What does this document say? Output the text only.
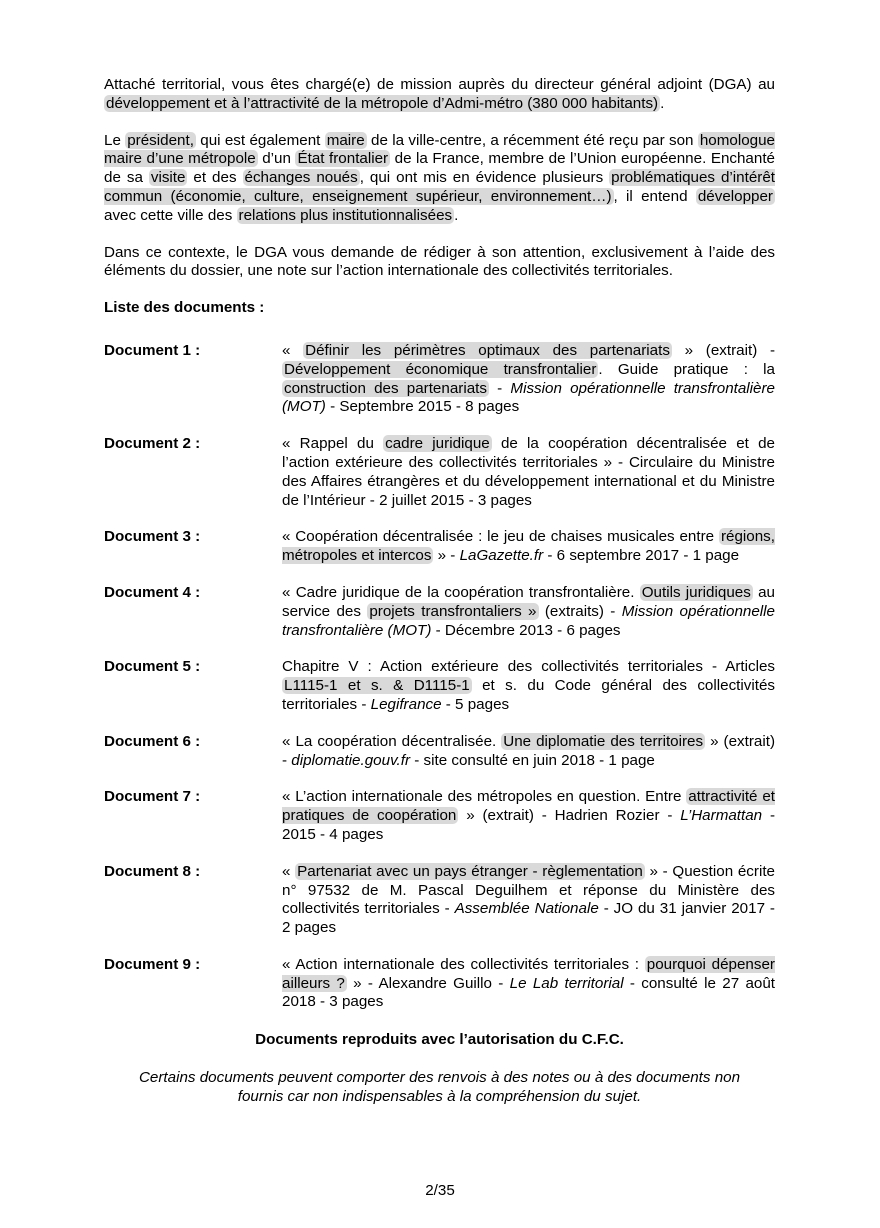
Attaché territorial, vous êtes chargé(e) de mission auprès du directeur général adjoint (DGA) au développement et à l’attractivité de la métropole d’Admi-métro (380 000 habitants) .

Le président, qui est également maire de la ville-centre, a récemment été reçu par son homologue maire d’une métropole d’un État frontalier de la France, membre de l’Union européenne. Enchanté de sa visite et des échanges noués , qui ont mis en évidence plusieurs problématiques d’intérêt commun (économie, culture, enseignement supérieur, environnement…) , il entend développer avec cette ville des relations plus institutionnalisées .

Dans ce contexte, le DGA vous demande de rédiger à son attention, exclusivement à l’aide des éléments du dossier, une note sur l’action internationale des collectivités territoriales.

Liste des documents :
Document 1 :	« Définir les périmètres optimaux des partenariats » (extrait) - Développement économique transfrontalier . Guide pratique : la construction des partenariats - Mission opérationnelle transfrontalière (MOT) - Septembre 2015 - 8 pages
Document 2 :	« Rappel du cadre juridique de la coopération décentralisée et de l’action extérieure des collectivités territoriales » - Circulaire du Ministre des Affaires étrangères et du développement international et du Ministre de l’Intérieur - 2 juillet 2015 - 3 pages
Document 3 :	« Coopération décentralisée : le jeu de chaises musicales entre régions, métropoles et intercos » - LaGazette.fr - 6 septembre 2017 - 1 page
Document 4 :	« Cadre juridique de la coopération transfrontalière. Outils juridiques au service des projets transfrontaliers » (extraits) - Mission opérationnelle transfrontalière (MOT) - Décembre 2013 - 6 pages
Document 5 :	Chapitre V : Action extérieure des collectivités territoriales - Articles L1115-1 et s. & D1115-1 et s. du Code général des collectivités territoriales - Legifrance - 5 pages
Document 6 :	« La coopération décentralisée. Une diplomatie des territoires » (extrait) - diplomatie.gouv.fr - site consulté en juin 2018 - 1 page
Document 7 :	« L’action internationale des métropoles en question. Entre attractivité et pratiques de coopération » (extrait) - Hadrien Rozier - L’Harmattan - 2015 - 4 pages
Document 8 :	« Partenariat avec un pays étranger - règlementation » - Question écrite n° 97532 de M. Pascal Deguilhem et réponse du Ministère des collectivités territoriales - Assemblée Nationale - JO du 31 janvier 2017 - 2 pages
Document 9 :	« Action internationale des collectivités territoriales : pourquoi dépenser ailleurs ? » - Alexandre Guillo - Le Lab territorial - consulté le 27 août 2018 - 3 pages
Documents reproduits avec l’autorisation du C.F.C.
Certains documents peuvent comporter des renvois à des notes ou à des documents non fournis car non indispensables à la compréhension du sujet.
2/35
